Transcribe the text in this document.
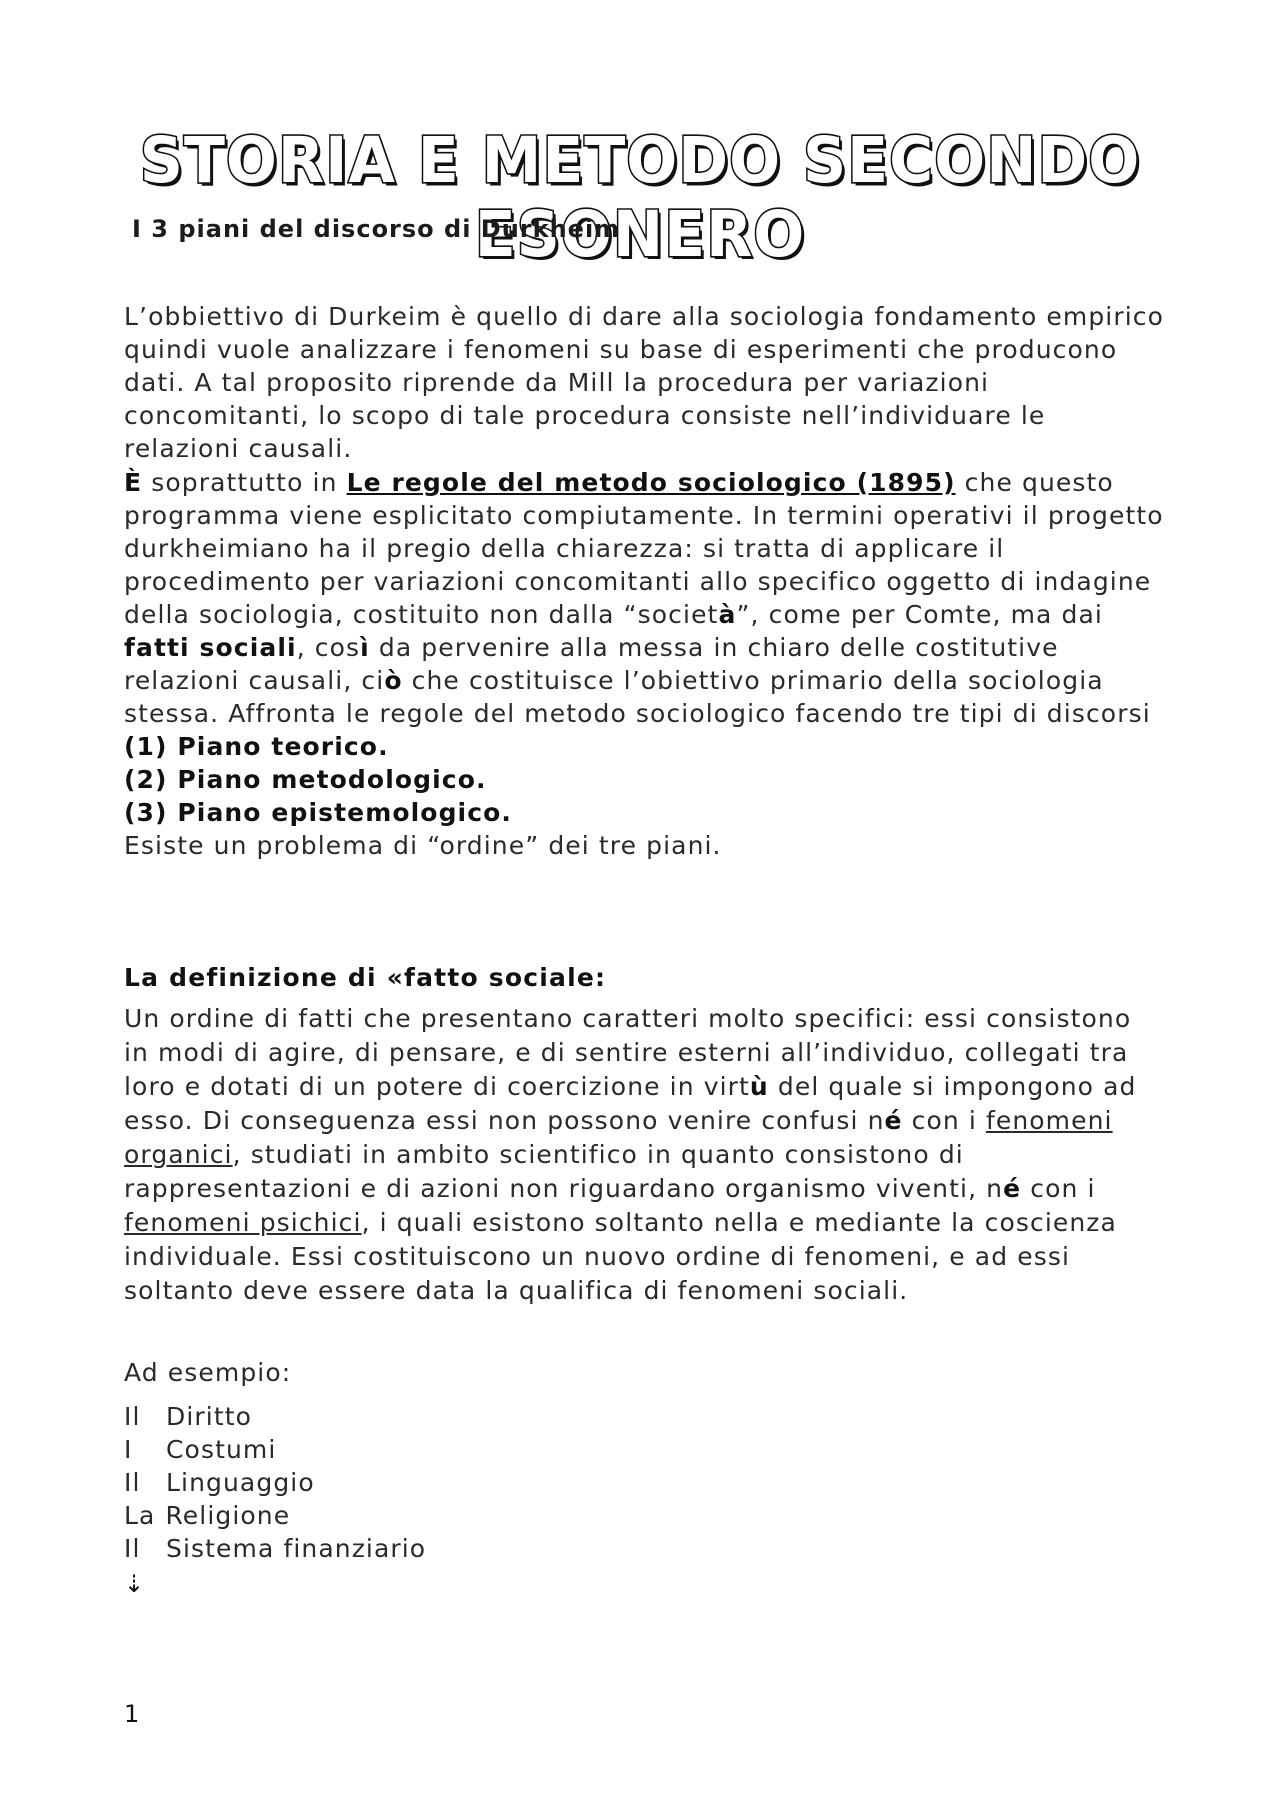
STORIA E METODO SECONDO ESONERO
I 3 piani del discorso di Durkheim
L’obbiettivo di Durkeim è quello di dare alla sociologia fondamento empirico quindi vuole analizzare i fenomeni su base di esperimenti che producono dati. A tal proposito riprende da Mill la procedura per variazioni concomitanti, lo scopo di tale procedura consiste nell’individuare le relazioni causali.
È soprattutto in Le regole del metodo sociologico (1895) che questo programma viene esplicitato compiutamente. In termini operativi il progetto durkheimiano ha il pregio della chiarezza: si tratta di applicare il procedimento per variazioni concomitanti allo specifico oggetto di indagine della sociologia, costituito non dalla “società”, come per Comte, ma dai fatti sociali, così da pervenire alla messa in chiaro delle costitutive relazioni causali, ciò che costituisce l’obiettivo primario della sociologia stessa. Affronta le regole del metodo sociologico facendo tre tipi di discorsi
(1) Piano teorico.
(2) Piano metodologico.
(3) Piano epistemologico.
Esiste un problema di “ordine” dei tre piani.
La definizione di «fatto sociale:
Un ordine di fatti che presentano caratteri molto specifici: essi consistono in modi di agire, di pensare, e di sentire esterni all’individuo, collegati tra loro e dotati di un potere di coercizione in virtù del quale si impongono ad esso. Di conseguenza essi non possono venire confusi né con i fenomeni organici, studiati in ambito scientifico in quanto consistono di rappresentazioni e di azioni non riguardano organismo viventi, né con i fenomeni psichici, i quali esistono soltanto nella e mediante la coscienza individuale. Essi costituiscono un nuovo ordine di fenomeni, e ad essi soltanto deve essere data la qualifica di fenomeni sociali.
Ad esempio:
Il	Diritto
I	Costumi
Il	Linguaggio
La Religione
Il	Sistema finanziario
⇣
1
